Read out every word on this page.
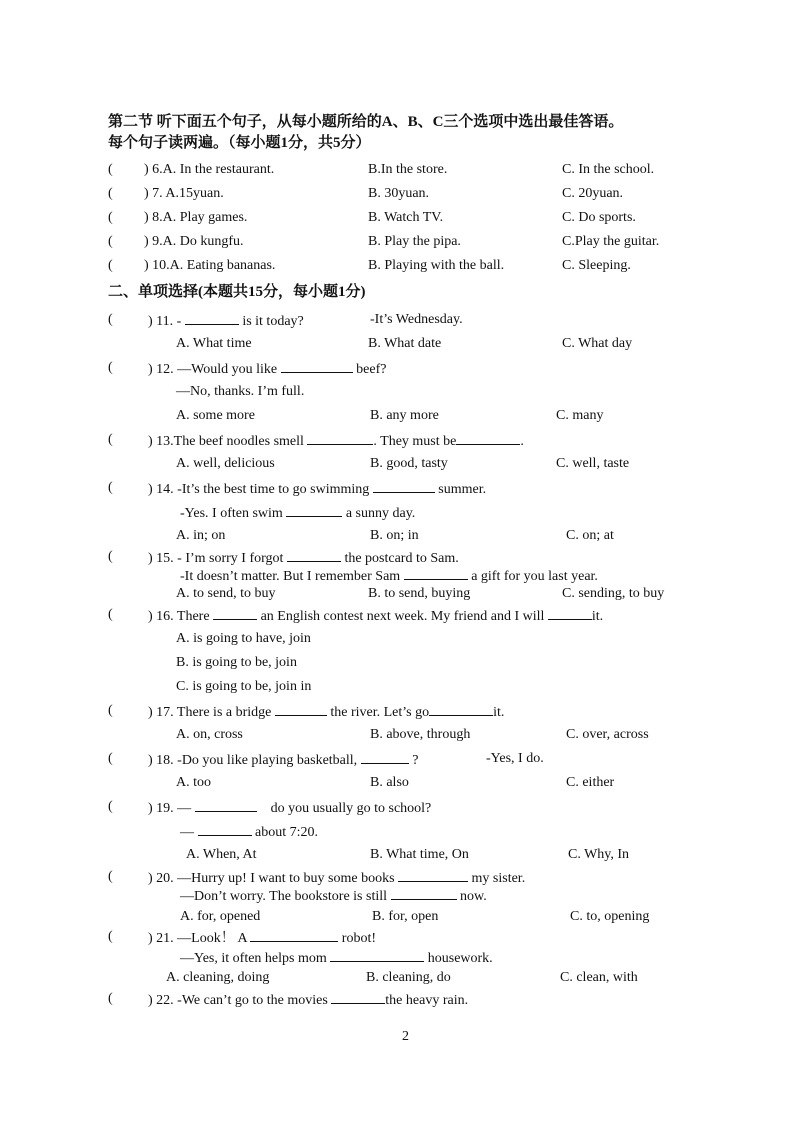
第二节 听下面五个句子，从每小题所给的A、B、C三个选项中选出最佳答语。
每个句子读两遍。（每小题1分，共5分）
( ) 6.A. In the restaurant.	B.In the store.	C. In the school.
( ) 7. A.15yuan.	B. 30yuan.	C. 20yuan.
( ) 8.A. Play games.	B. Watch TV.	C. Do sports.
( ) 9.A. Do kungfu.	B. Play the pipa.	C.Play the guitar.
( ) 10.A. Eating bananas.	B. Playing with the ball.	C. Sleeping.
二、单项选择(本题共15分，每小题1分)
(	) 11. -	is it today?	-It’s Wednesday.
A. What time	B. What date	C. What day
(	) 12. —Would you like	beef?
—No, thanks. I’m full.
A. some more	B. any more	C. many
(	) 13.The beef noodles smell	. They must be	.
A. well, delicious	B. good, tasty	C. well, taste
(	) 14. -It’s the best time to go swimming	summer.
-Yes. I often swim	a sunny day.
A. in; on	B. on; in	C. on; at
(	) 15. - I’m sorry I forgot	the postcard to Sam.
-It doesn’t matter. But I remember Sam	a gift for you last year.
A. to send, to buy	B. to send, buying	C. sending, to buy
(	) 16. There	an English contest next week. My friend and I will	it.
A. is going to have, join
B. is going to be, join
C. is going to be, join in
(	) 17. There is a bridge	the river. Let’s go	it.
A. on, cross	B. above, through	C. over, across
(	) 18. -Do you like playing basketball,	?	-Yes, I do.
A. too	B. also	C. either
(	) 19. —	do you usually go to school?
—	about 7:20.
A. When, At	B. What time, On	C. Why, In
(	) 20. —Hurry up! I want to buy some books	my sister.
—Don’t worry. The bookstore is still	now.
A. for, opened	B. for, open	C. to, opening
(	) 21. —Look！ A	robot!
—Yes, it often helps mom	housework.
A. cleaning, doing	B. cleaning, do	C. clean, with
(	) 22. -We can’t go to the movies	the heavy rain.
2
